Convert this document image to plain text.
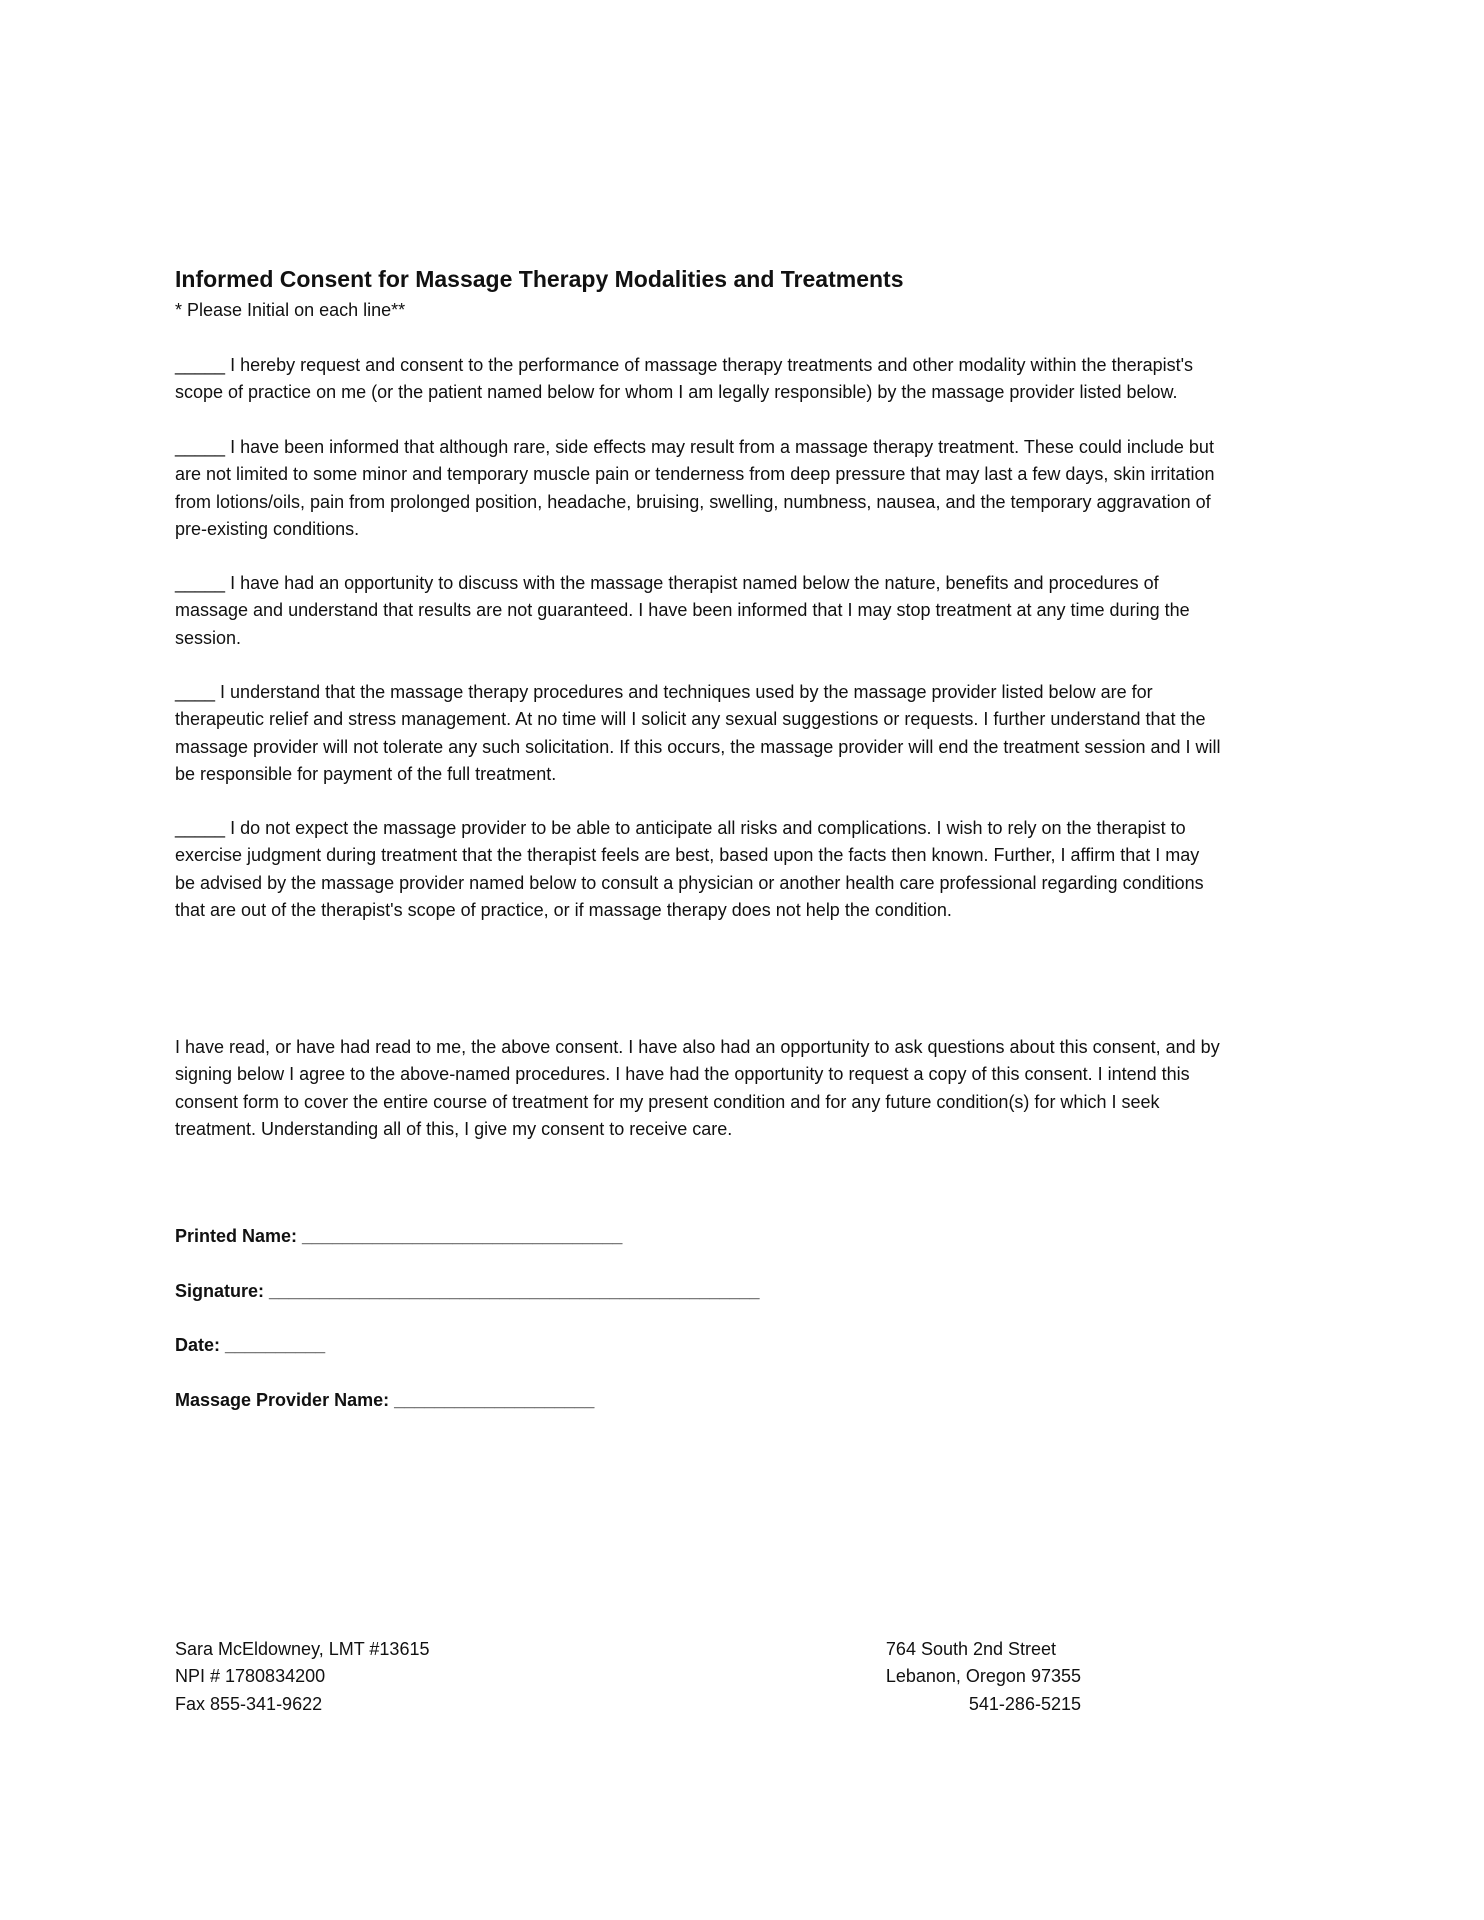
Informed Consent for Massage Therapy Modalities and Treatments

* Please Initial on each line**

_____ I hereby request and consent to the performance of massage therapy treatments and other modality within the therapist's
scope of practice on me (or the patient named below for whom I am legally responsible) by the massage provider listed below.

_____ I have been informed that although rare, side effects may result from a massage therapy treatment. These could include but
are not limited to some minor and temporary muscle pain or tenderness from deep pressure that may last a few days, skin irritation
from lotions/oils, pain from prolonged position, headache, bruising, swelling, numbness, nausea, and the temporary aggravation of
pre-existing conditions.

_____ I have had an opportunity to discuss with the massage therapist named below the nature, benefits and procedures of
massage and understand that results are not guaranteed. I have been informed that I may stop treatment at any time during the
session.

____ I understand that the massage therapy procedures and techniques used by the massage provider listed below are for
therapeutic relief and stress management. At no time will I solicit any sexual suggestions or requests. I further understand that the
massage provider will not tolerate any such solicitation. If this occurs, the massage provider will end the treatment session and I will
be responsible for payment of the full treatment.

_____ I do not expect the massage provider to be able to anticipate all risks and complications. I wish to rely on the therapist to
exercise judgment during treatment that the therapist feels are best, based upon the facts then known. Further, I affirm that I may
be advised by the massage provider named below to consult a physician or another health care professional regarding conditions
that are out of the therapist's scope of practice, or if massage therapy does not help the condition.

I have read, or have had read to me, the above consent. I have also had an opportunity to ask questions about this consent, and by
signing below I agree to the above-named procedures. I have had the opportunity to request a copy of this consent. I intend this
consent form to cover the entire course of treatment for my present condition and for any future condition(s) for which I seek
treatment. Understanding all of this, I give my consent to receive care.

Printed Name: ________________________________
Signature: _________________________________________________
Date: __________
Massage Provider Name: ____________________
Sara McEldowney, LMT #13615
NPI # 1780834200
Fax 855-341-9622
764 South 2nd Street
Lebanon, Oregon 97355
541-286-5215
